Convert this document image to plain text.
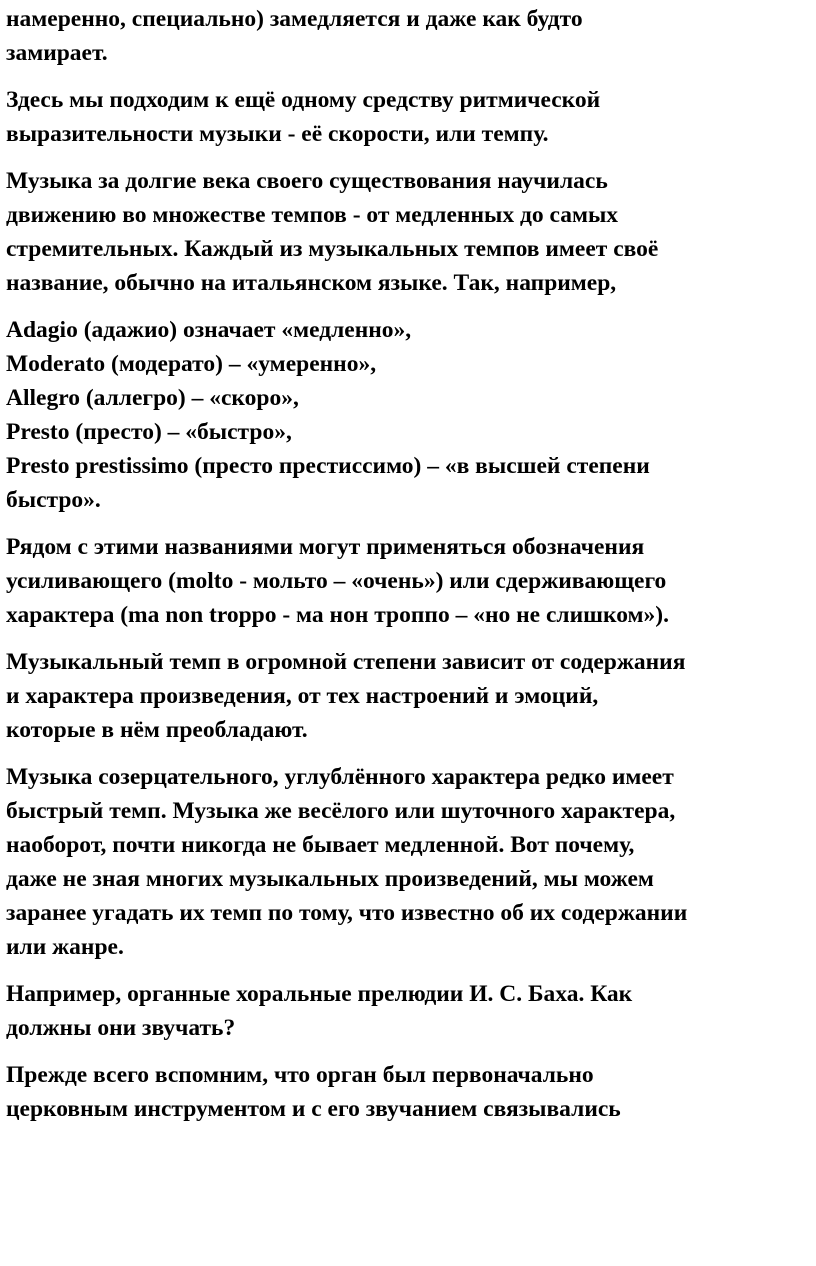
намеренно, специально) замедляется и даже как будто
замирает.

Здесь мы подходим к ещё одному средству ритмической
выразительности музыки - её скорости, или темпу.

Музыка за долгие века своего существования научилась
движению во множестве темпов - от медленных до самых
стремительных. Каждый из музыкальных темпов имеет своё
название, обычно на итальянском языке. Так, например,

Adagio (адажио) означает «медленно»,
Moderato (модерато) – «умеренно»,
Allegro (аллегро) – «скоро»,
Presto (престо) – «быстро»,
Presto prestissimo (престо престиссимо) – «в высшей степени
быстро».

Рядом с этими названиями могут применяться обозначения
усиливающего (molto - мольто – «очень») или сдерживающего
характера (ma non troppo - ма нон троппо – «но не слишком»).

Музыкальный темп в огромной степени зависит от содержания
и характера произведения, от тех настроений и эмоций,
которые в нём преобладают.

Музыка созерцательного, углублённого характера редко имеет
быстрый темп. Музыка же весёлого или шуточного характера,
наоборот, почти никогда не бывает медленной. Вот почему,
даже не зная многих музыкальных произведений, мы можем
заранее угадать их темп по тому, что известно об их содержании
или жанре.

Например, органные хоральные прелюдии И. С. Баха. Как
должны они звучать?

Прежде всего вспомним, что орган был первоначально
церковным инструментом и с его звучанием связывались
